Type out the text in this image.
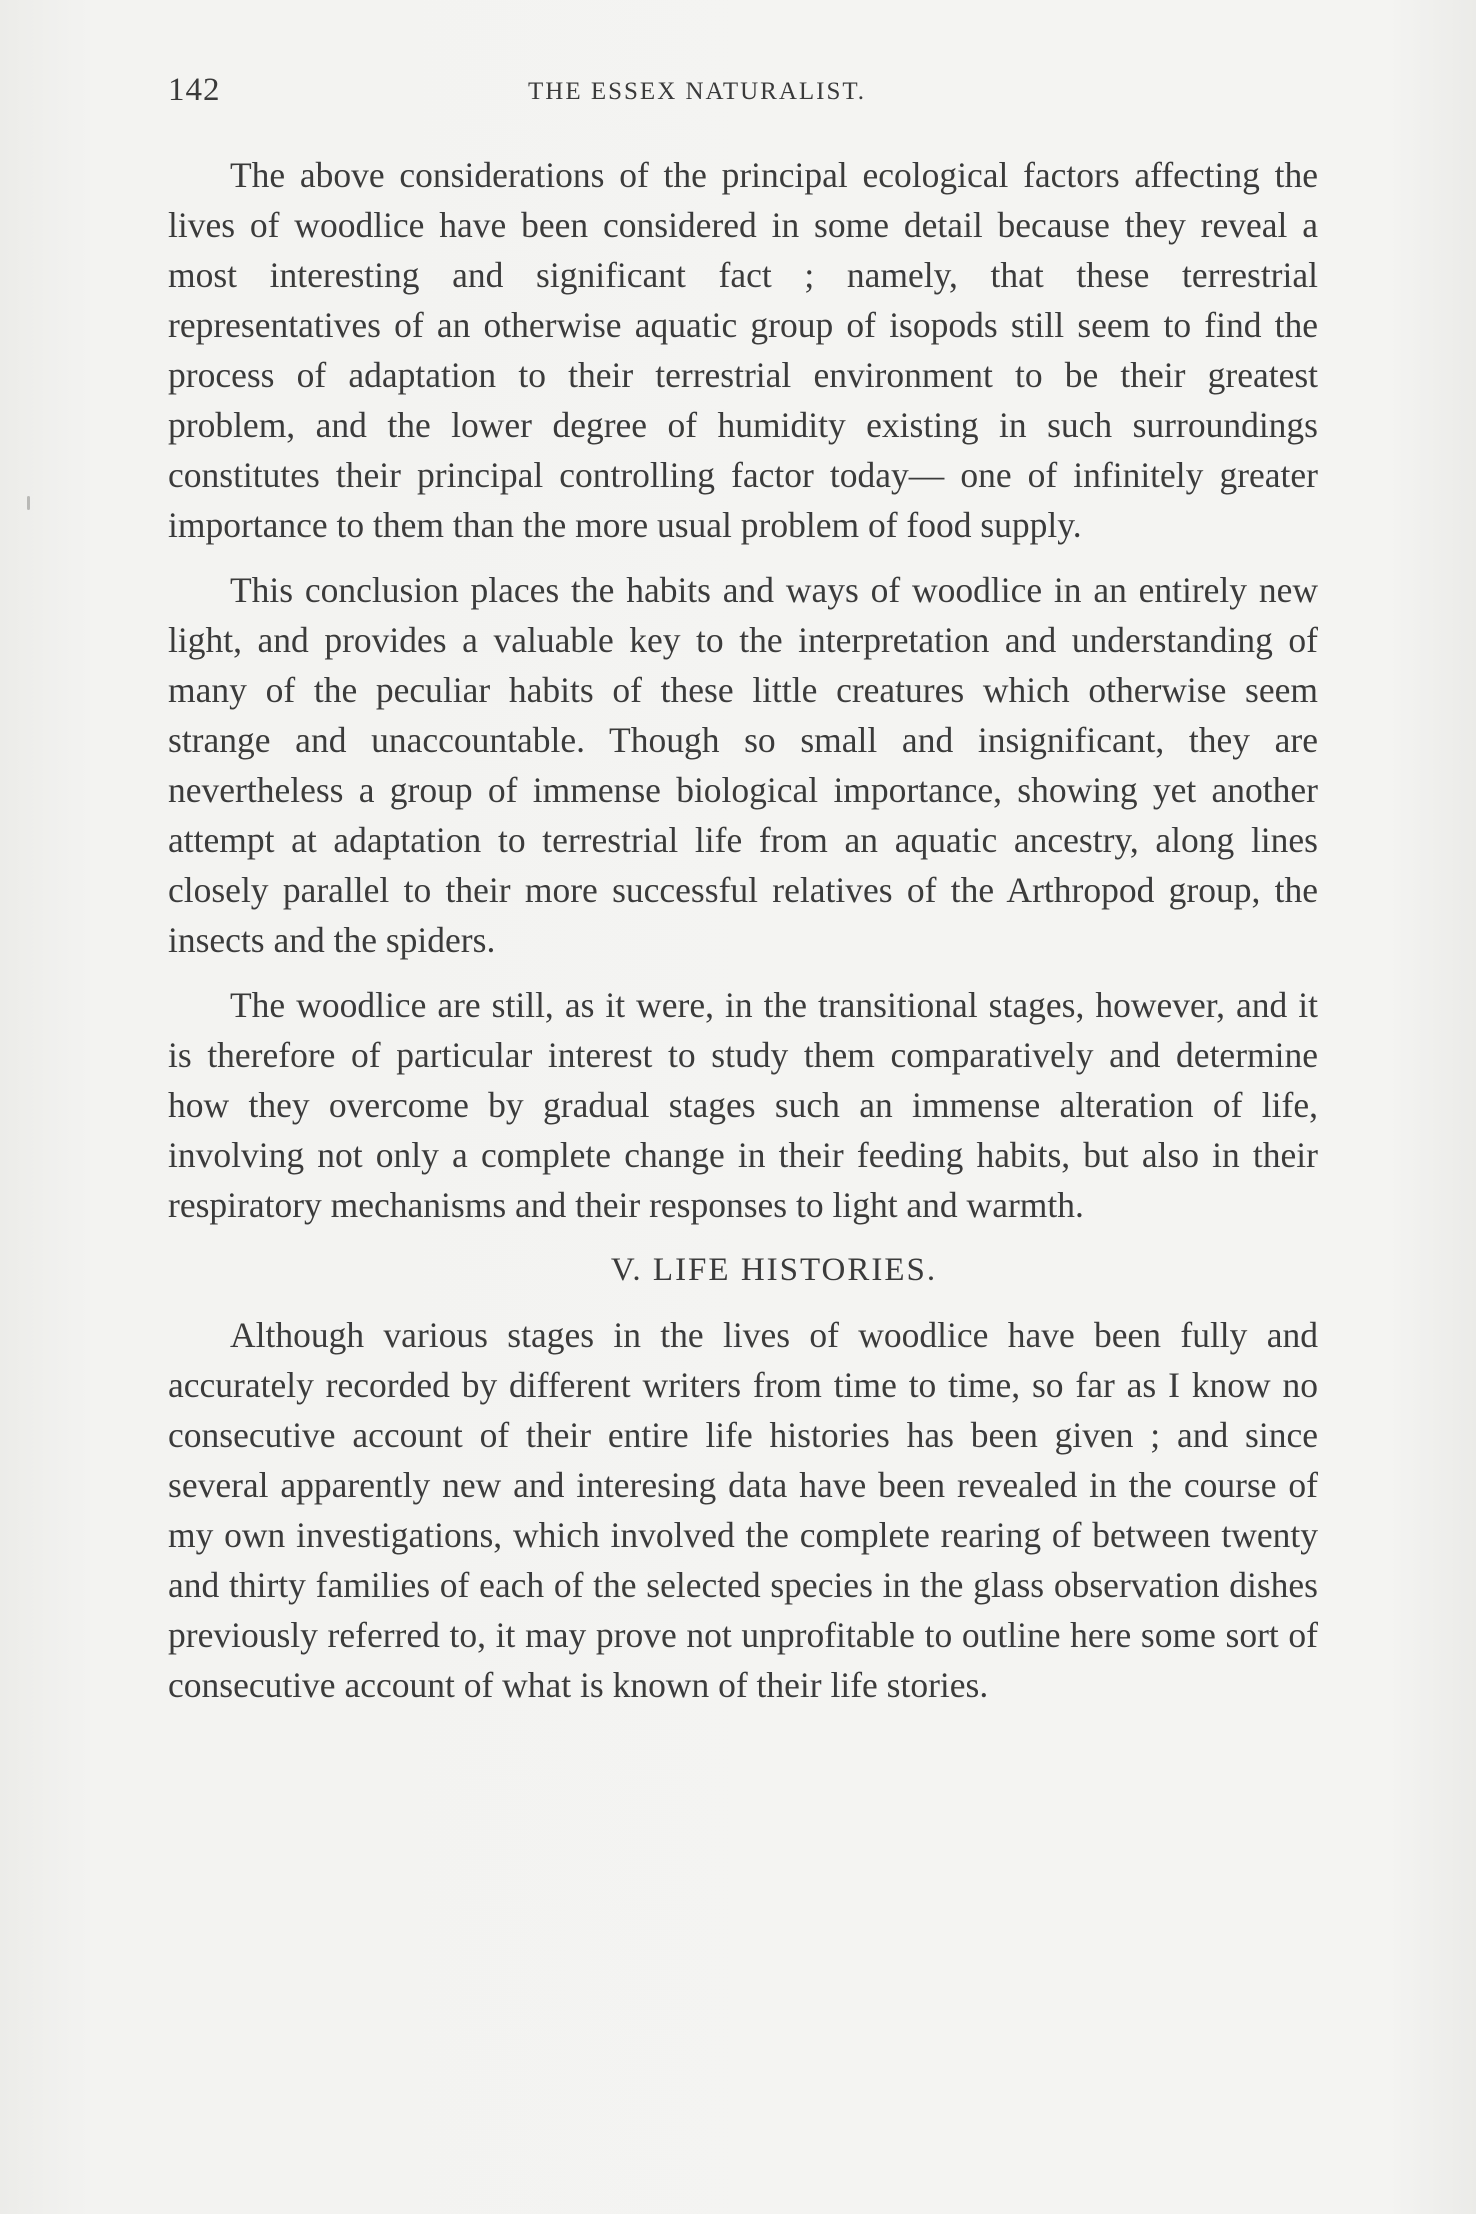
142	THE ESSEX NATURALIST.

The above considerations of the principal ecological factors affecting the lives of woodlice have been considered in some detail because they reveal a most interesting and significant fact ; namely, that these terrestrial representatives of an otherwise aquatic group of isopods still seem to find the process of adaptation to their terrestrial environment to be their greatest problem, and the lower degree of humidity existing in such surroundings constitutes their principal controlling factor today— one of infinitely greater importance to them than the more usual problem of food supply.

This conclusion places the habits and ways of woodlice in an entirely new light, and provides a valuable key to the interpretation and understanding of many of the peculiar habits of these little creatures which otherwise seem strange and unaccountable. Though so small and insignificant, they are nevertheless a group of immense biological importance, showing yet another attempt at adaptation to terrestrial life from an aquatic ancestry, along lines closely parallel to their more successful relatives of the Arthropod group, the insects and the spiders.

The woodlice are still, as it were, in the transitional stages, however, and it is therefore of particular interest to study them comparatively and determine how they overcome by gradual stages such an immense alteration of life, involving not only a complete change in their feeding habits, but also in their respiratory mechanisms and their responses to light and warmth.

V. LIFE HISTORIES.

Although various stages in the lives of woodlice have been fully and accurately recorded by different writers from time to time, so far as I know no consecutive account of their entire life histories has been given ; and since several apparently new and interesing data have been revealed in the course of my own investigations, which involved the complete rearing of between twenty and thirty families of each of the selected species in the glass observation dishes previously referred to, it may prove not unprofitable to outline here some sort of consecutive account of what is known of their life stories.
